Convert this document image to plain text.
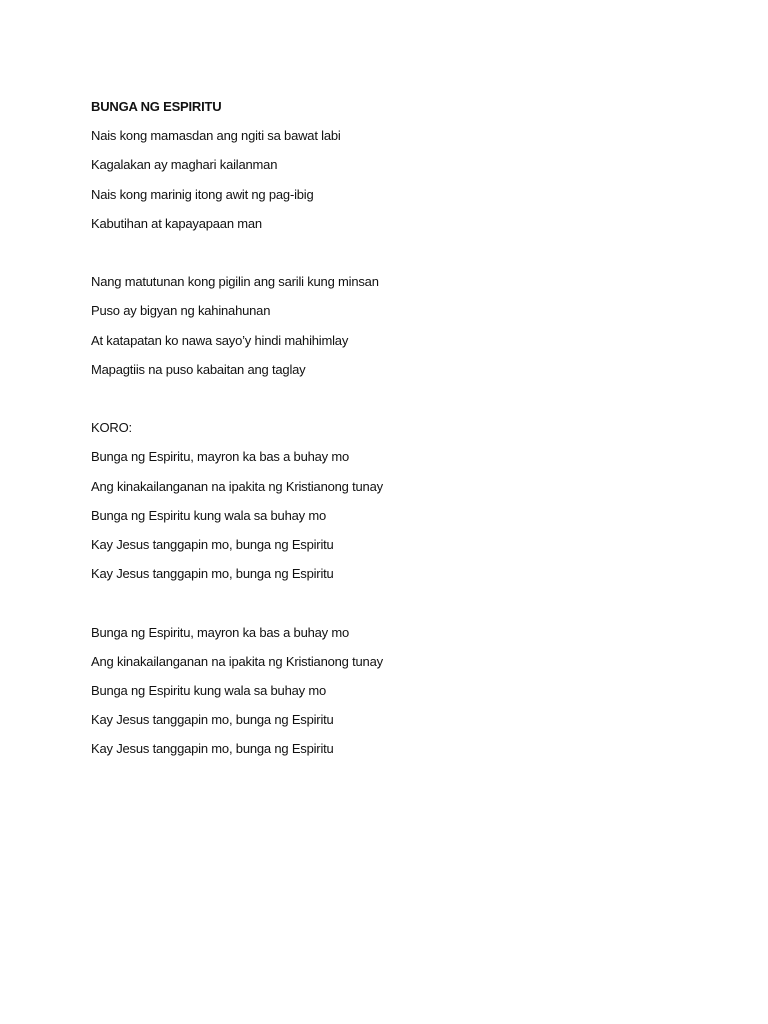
BUNGA NG ESPIRITU
Nais kong mamasdan ang ngiti sa bawat labi
Kagalakan ay maghari kailanman
Nais kong marinig itong awit ng pag-ibig
Kabutihan at kapayapaan man
Nang matutunan kong pigilin ang sarili kung minsan
Puso ay bigyan ng kahinahunan
At katapatan ko nawa sayo’y hindi mahihimlay
Mapagtiis na puso kabaitan ang taglay
KORO:
Bunga ng Espiritu, mayron ka bas a buhay mo
Ang kinakailanganan na ipakita ng Kristianong tunay
Bunga ng Espiritu kung wala sa buhay mo
Kay Jesus tanggapin mo, bunga ng Espiritu
Kay Jesus tanggapin mo, bunga ng Espiritu
Bunga ng Espiritu, mayron ka bas a buhay mo
Ang kinakailanganan na ipakita ng Kristianong tunay
Bunga ng Espiritu kung wala sa buhay mo
Kay Jesus tanggapin mo, bunga ng Espiritu
Kay Jesus tanggapin mo, bunga ng Espiritu
